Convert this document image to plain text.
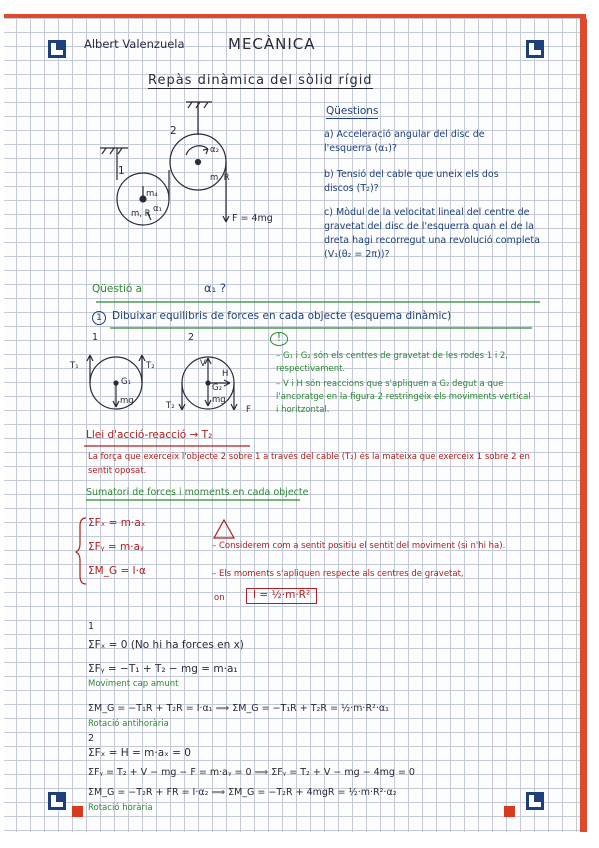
Albert Valenzuela	MECÀNICA
Repàs dinàmica del sòlid rígid
1
2
m, R
m, R
α₁
α₂
m₄
F = 4mg
Qüestions
a) Acceleració angular del disc de l'esquerra (α₁)?
b) Tensió del cable que uneix els dos discos (T₂)?
c) Mòdul de la velocitat lineal del centre de gravetat del disc de l'esquerra quan el de la dreta hagi recorregut una revolució completa (V₁(θ₂ = 2π))?
Qüestió a	α₁ ?
1 Dibuixar equilibris de forces en cada objecte (esquema dinàmic)
1	2
T₁	T₂
G₁
mg
H
V
G₂
mg
T₂	F
!
– G₁ i G₂ són els centres de gravetat de les rodes 1 i 2, respectivament.
– V i H són reaccions que s'apliquen a G₂ degut a que l'ancoratge en la figura 2 restringeix els moviments vertical i horitzontal.
Llei d'acció-reacció → T₂
La força que exerceix l'objecte 2 sobre 1 a través del cable (T₂) és la mateixa que exerceix 1 sobre 2 en sentit oposat.
Sumatori de forces i moments en cada objecte
ΣFₓ = m·aₓ
ΣFᵧ = m·aᵧ
ΣM_G = I·α
– Considerem com a sentit positiu el sentit del moviment (si n'hi ha).
– Els moments s'apliquen respecte als centres de gravetat,
on	I = ½·m·R²
1
ΣFₓ = 0 (No hi ha forces en x)
ΣFᵧ = −T₁ + T₂ − mg = m·a₁
Moviment cap amunt
ΣM_G = −T₁R + T₂R = I·α₁ ⟹ ΣM_G = −T₁R + T₂R = ½·m·R²·α₁
Rotació antihorària
2
ΣFₓ = H = m·aₓ = 0
ΣFᵧ = T₂ + V − mg − F = m·aᵧ = 0 ⟹ ΣFᵧ = T₂ + V − mg − 4mg = 0
ΣM_G = −T₂R + FR = I·α₂ ⟹ ΣM_G = −T₂R + 4mgR = ½·m·R²·α₂
Rotació horària
